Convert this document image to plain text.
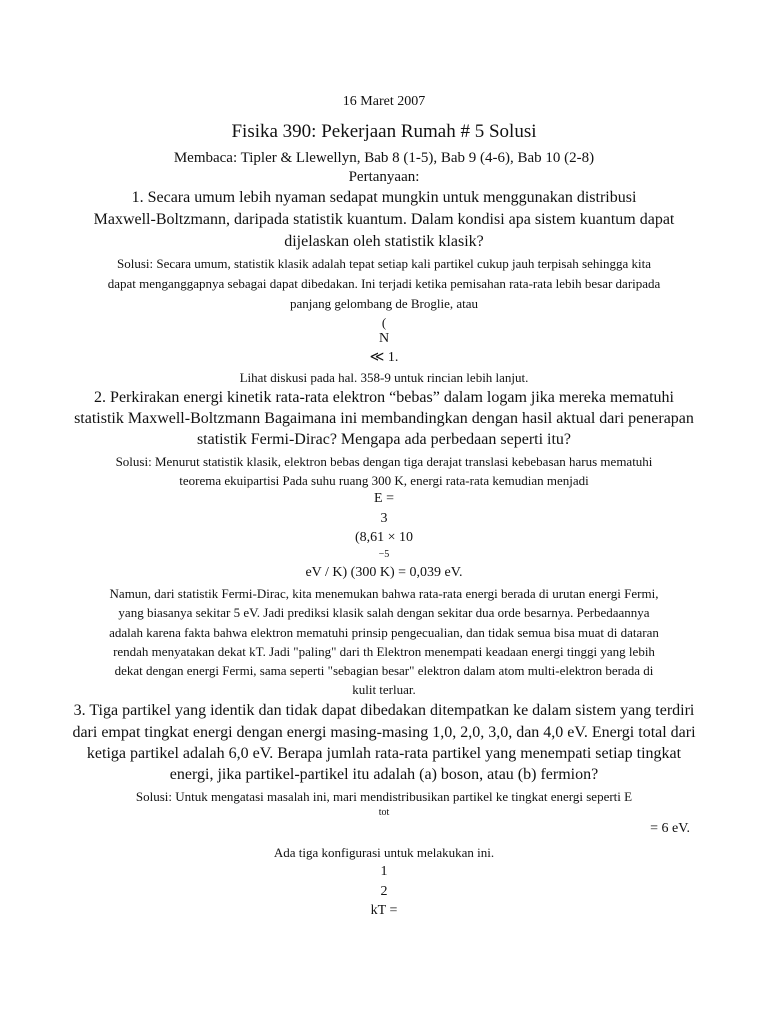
16 Maret 2007
Fisika 390: Pekerjaan Rumah # 5 Solusi
Membaca: Tipler & Llewellyn, Bab 8 (1-5), Bab 9 (4-6), Bab 10 (2-8)
Pertanyaan:
1. Secara umum lebih nyaman sedapat mungkin untuk menggunakan distribusi
Maxwell-Boltzmann, daripada statistik kuantum. Dalam kondisi apa sistem kuantum dapat
dijelaskan oleh statistik klasik?
Solusi: Secara umum, statistik klasik adalah tepat setiap kali partikel cukup jauh terpisah sehingga kita
dapat menganggapnya sebagai dapat dibedakan. Ini terjadi ketika pemisahan rata-rata lebih besar daripada
panjang gelombang de Broglie, atau
(
N
≪ 1.
Lihat diskusi pada hal. 358-9 untuk rincian lebih lanjut.
2. Perkirakan energi kinetik rata-rata elektron “bebas” dalam logam jika mereka mematuhi
statistik Maxwell-Boltzmann Bagaimana ini membandingkan dengan hasil aktual dari penerapan
statistik Fermi-Dirac? Mengapa ada perbedaan seperti itu?
Solusi: Menurut statistik klasik, elektron bebas dengan tiga derajat translasi kebebasan harus mematuhi
teorema ekuipartisi Pada suhu ruang 300 K, energi rata-rata kemudian menjadi
E =
3
(8,61 × 10
−5
eV / K) (300 K) = 0,039 eV.
Namun, dari statistik Fermi-Dirac, kita menemukan bahwa rata-rata energi berada di urutan energi Fermi,
yang biasanya sekitar 5 eV. Jadi prediksi klasik salah dengan sekitar dua orde besarnya. Perbedaannya
adalah karena fakta bahwa elektron mematuhi prinsip pengecualian, dan tidak semua bisa muat di dataran
rendah menyatakan dekat kT. Jadi "paling" dari th Elektron menempati keadaan energi tinggi yang lebih
dekat dengan energi Fermi, sama seperti "sebagian besar" elektron dalam atom multi-elektron berada di
kulit terluar.
3. Tiga partikel yang identik dan tidak dapat dibedakan ditempatkan ke dalam sistem yang terdiri
dari empat tingkat energi dengan energi masing-masing 1,0, 2,0, 3,0, dan 4,0 eV. Energi total dari
ketiga partikel adalah 6,0 eV. Berapa jumlah rata-rata partikel yang menempati setiap tingkat
energi, jika partikel-partikel itu adalah (a) boson, atau (b) fermion?
Solusi: Untuk mengatasi masalah ini, mari mendistribusikan partikel ke tingkat energi seperti E
tot
= 6 eV.
Ada tiga konfigurasi untuk melakukan ini.
1
2
kT =
